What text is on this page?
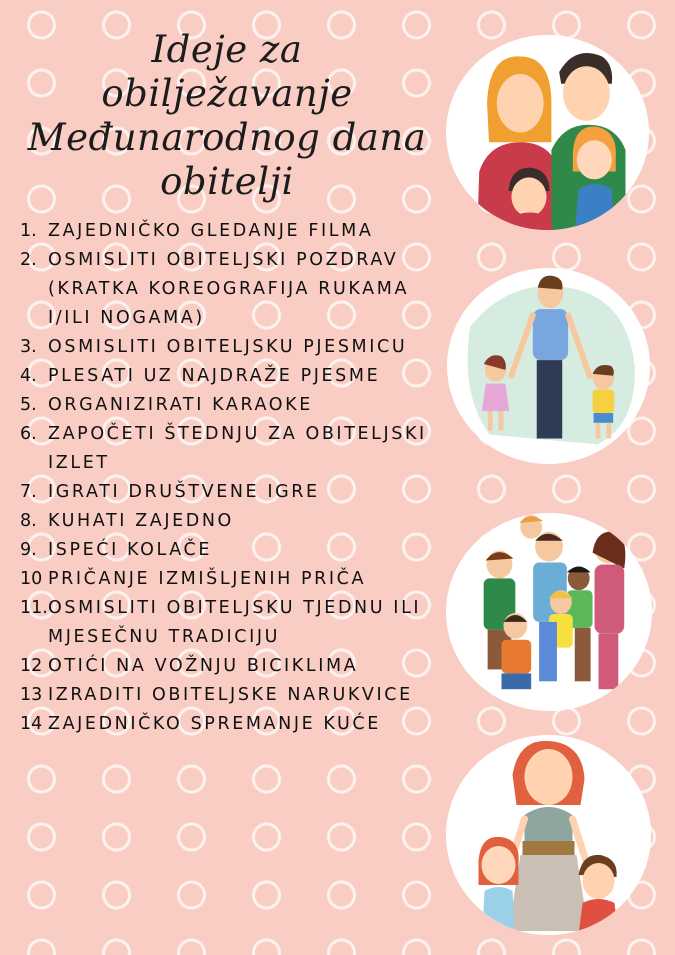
Ideje za obilježavanje
Međunarodnog dana
obitelji
1. ZAJEDNIČKO GLEDANJE FILMA
2. OSMISLITI OBITELJSKI POZDRAV (KRATKA KOREOGRAFIJA RUKAMA I/ILI NOGAMA)
3. OSMISLITI OBITELJSKU PJESMICU
4. PLESATI UZ NAJDRAŽE PJESME
5. ORGANIZIRATI KARAOKE
6. ZAPOČETI ŠTEDNJU ZA OBITELJSKI IZLET
7. IGRATI DRUŠTVENE IGRE
8. KUHATI ZAJEDNO
9. ISPEĆI KOLAČE
10 PRIČANJE IZMIŠLJENIH PRIČA
11. OSMISLITI OBITELJSKU TJEDNU ILI MJESEČNU TRADICIJU
12 OTIĆI NA VOŽNJU BICIKLIMA
13 IZRADITI OBITELJSKE NARUKVICE
14 ZAJEDNIČKO SPREMANJE KUĆE
